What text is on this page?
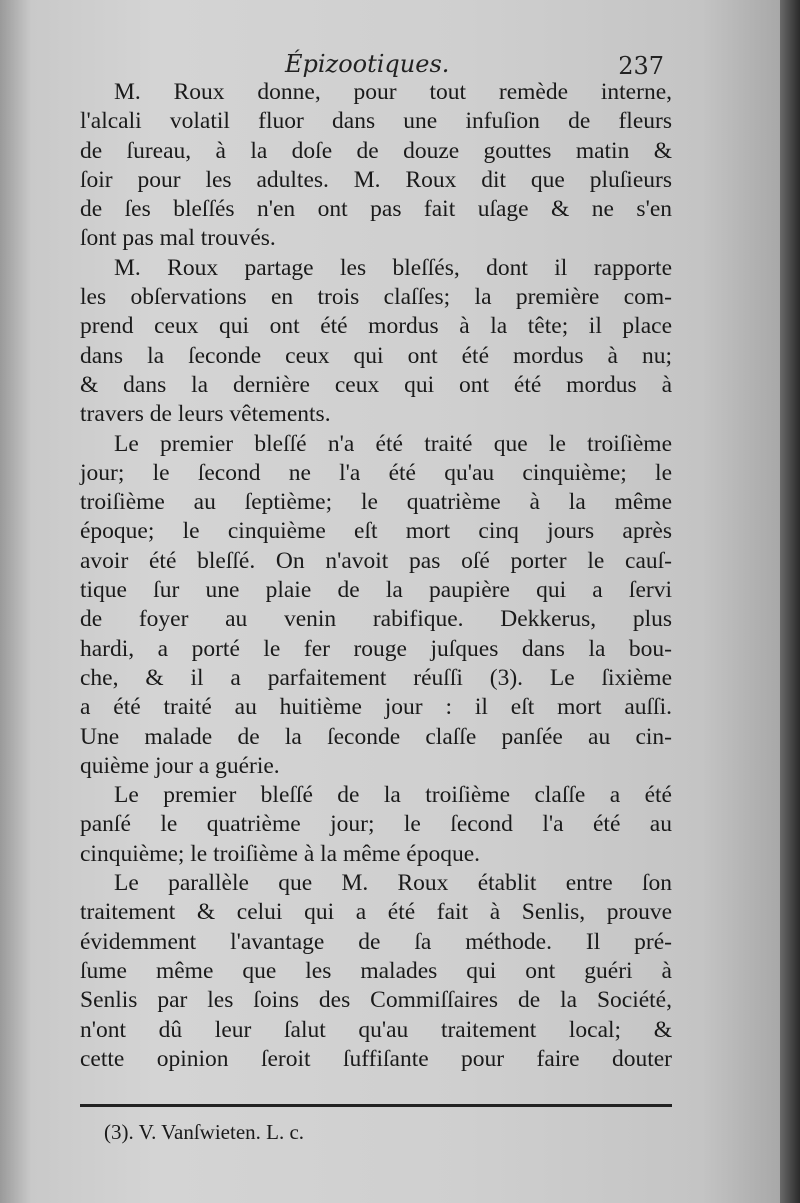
Épizootiques.	237
M. Roux donne, pour tout remède interne,
l'alcali volatil fluor dans une infuſion de fleurs
de ſureau, à la doſe de douze gouttes matin &
ſoir pour les adultes. M. Roux dit que pluſieurs
de ſes bleſſés n'en ont pas fait uſage & ne s'en
ſont pas mal trouvés.
M. Roux partage les bleſſés, dont il rapporte
les obſervations en trois claſſes; la première com-
prend ceux qui ont été mordus à la tête; il place
dans la ſeconde ceux qui ont été mordus à nu;
& dans la dernière ceux qui ont été mordus à
travers de leurs vêtements.
Le premier bleſſé n'a été traité que le troiſième
jour; le ſecond ne l'a été qu'au cinquième; le
troiſième au ſeptième; le quatrième à la même
époque; le cinquième eſt mort cinq jours après
avoir été bleſſé. On n'avoit pas oſé porter le cauſ-
tique ſur une plaie de la paupière qui a ſervi
de foyer au venin rabifique. Dekkerus, plus
hardi, a porté le fer rouge juſques dans la bou-
che, & il a parfaitement réuſſi (3). Le ſixième
a été traité au huitième jour : il eſt mort auſſi.
Une malade de la ſeconde claſſe panſée au cin-
quième jour a guérie.
Le premier bleſſé de la troiſième claſſe a été
panſé le quatrième jour; le ſecond l'a été au
cinquième; le troiſième à la même époque.
Le parallèle que M. Roux établit entre ſon
traitement & celui qui a été fait à Senlis, prouve
évidemment l'avantage de ſa méthode. Il pré-
ſume même que les malades qui ont guéri à
Senlis par les ſoins des Commiſſaires de la Société,
n'ont dû leur ſalut qu'au traitement local; &
cette opinion ſeroit ſuffiſante pour faire douter
(3). V. Vanſwieten. L. c.
